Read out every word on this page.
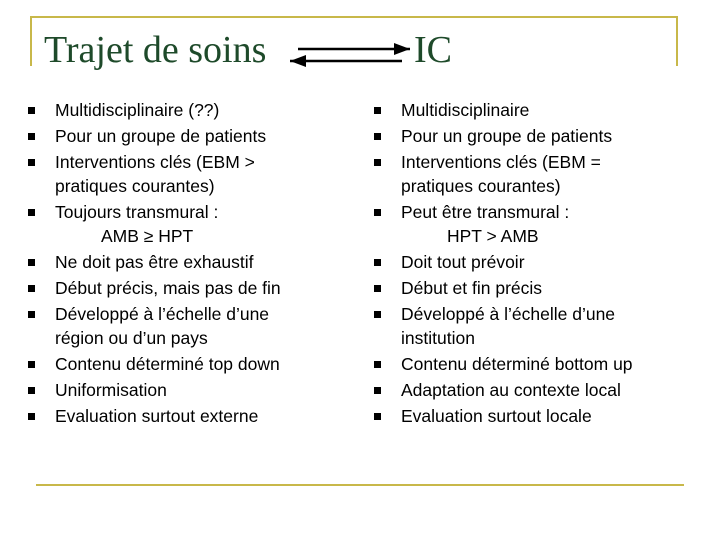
Trajet de soins	IC
Multidisciplinaire (??)
Pour un groupe de patients
Interventions clés (EBM >
pratiques courantes)
Toujours transmural :
AMB ≥ HPT
Ne doit pas être exhaustif
Début précis, mais pas de fin
Développé à l’échelle d’une
région ou d’un pays
Contenu déterminé top down
Uniformisation
Evaluation surtout externe
Multidisciplinaire
Pour un groupe de patients
Interventions clés (EBM =
pratiques courantes)
Peut être transmural :
HPT > AMB
Doit tout prévoir
Début et fin précis
Développé à l’échelle d’une
institution
Contenu déterminé bottom up
Adaptation au contexte local
Evaluation surtout locale
